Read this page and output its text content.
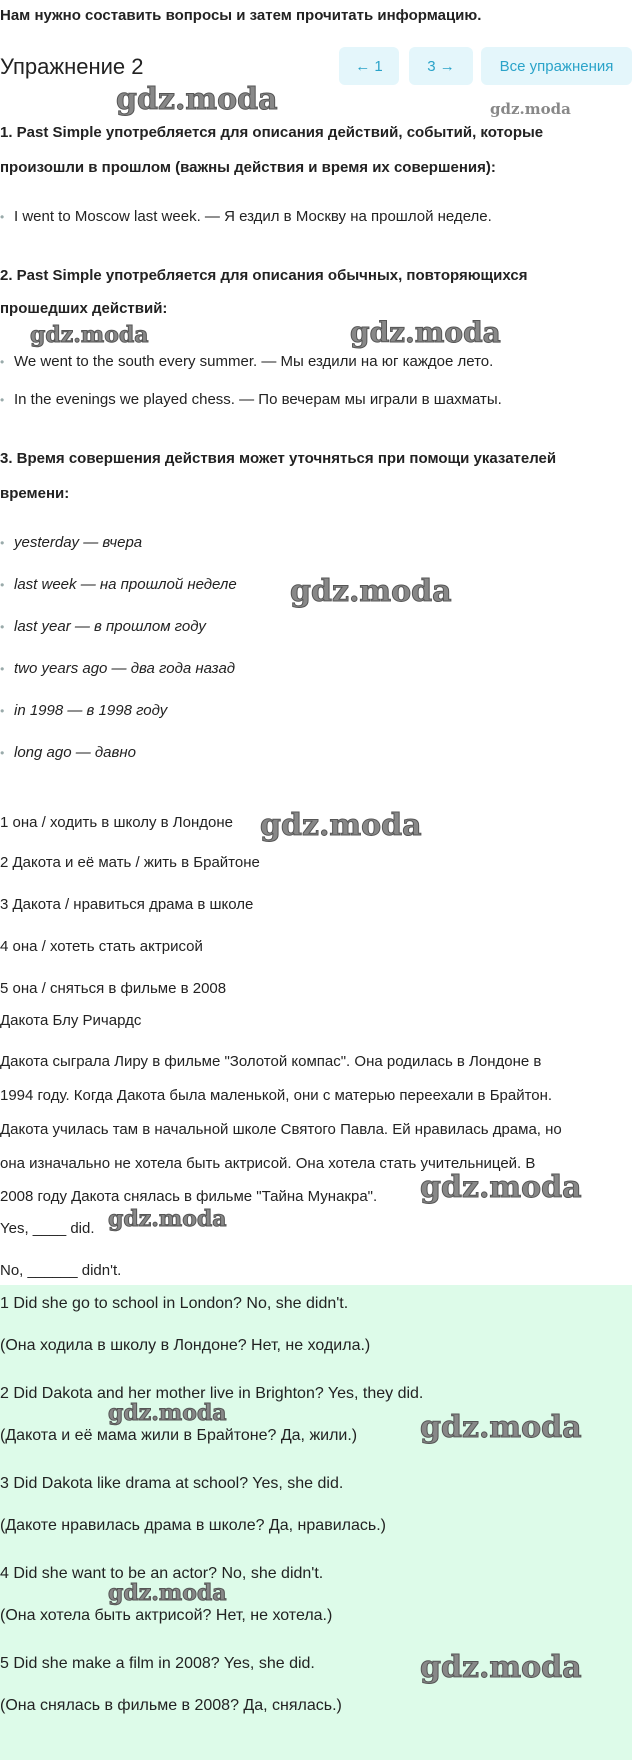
Нам нужно составить вопросы и затем прочитать информацию.
Упражнение 2	← 1	3 →	Все упражнения
1. Past Simple употребляется для описания действий, событий, которые
произошли в прошлом (важны действия и время их совершения):
• I went to Moscow last week. — Я ездил в Москву на прошлой неделе.
2. Past Simple употребляется для описания обычных, повторяющихся
прошедших действий:
• We went to the south every summer. — Мы ездили на юг каждое лето.
• In the evenings we played chess. — По вечерам мы играли в шахматы.
3. Время совершения действия может уточняться при помощи указателей
времени:
• yesterday — вчера
• last week — на прошлой неделе
• last year — в прошлом году
• two years ago — два года назад
• in 1998 — в 1998 году
• long ago — давно
1 она / ходить в школу в Лондоне
2 Дакота и её мать / жить в Брайтоне
3 Дакота / нравиться драма в школе
4 она / хотеть стать актрисой
5 она / сняться в фильме в 2008
Дакота Блу Ричардс
Дакота сыграла Лиру в фильме "Золотой компас". Она родилась в Лондоне в
1994 году. Когда Дакота была маленькой, они с матерью переехали в Брайтон.
Дакота училась там в начальной школе Святого Павла. Ей нравилась драма, но
она изначально не хотела быть актрисой. Она хотела стать учительницей. В
2008 году Дакота снялась в фильме "Тайна Мунакра".
Yes, ____ did.
No, ______ didn't.
1 Did she go to school in London? No, she didn't.
(Она ходила в школу в Лондоне? Нет, не ходила.)
2 Did Dakota and her mother live in Brighton? Yes, they did.
(Дакота и её мама жили в Брайтоне? Да, жили.)
3 Did Dakota like drama at school? Yes, she did.
(Дакоте нравилась драма в школе? Да, нравилась.)
4 Did she want to be an actor? No, she didn't.
(Она хотела быть актрисой? Нет, не хотела.)
5 Did she make a film in 2008? Yes, she did.
(Она снялась в фильме в 2008? Да, снялась.)
gdz.moda	gdz.moda
gdz.moda	gdz.moda
gdz.moda
gdz.moda
gdz.moda
gdz.moda
gdz.moda	gdz.moda
gdz.moda
gdz.moda
